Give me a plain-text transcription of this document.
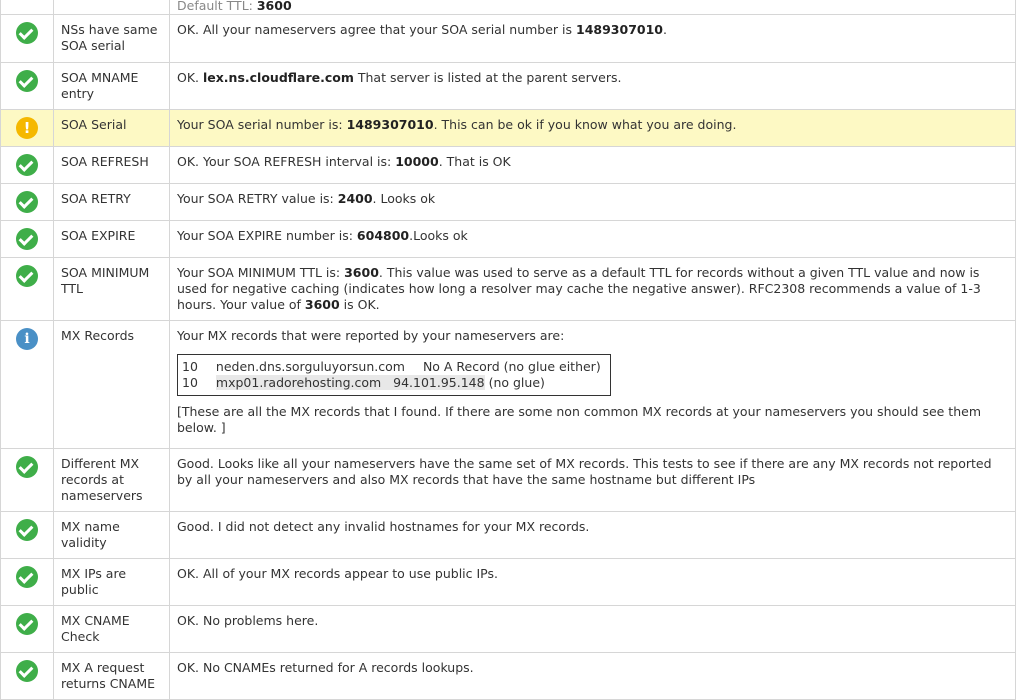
		Default TTL: 3600
	NSs have same SOA serial	OK. All your nameservers agree that your SOA serial number is 1489307010.
	SOA MNAME entry	OK. lex.ns.cloudflare.com That server is listed at the parent servers.
!	SOA Serial	Your SOA serial number is: 1489307010. This can be ok if you know what you are doing.
	SOA REFRESH	OK. Your SOA REFRESH interval is: 10000. That is OK
	SOA RETRY	Your SOA RETRY value is: 2400. Looks ok
	SOA EXPIRE	Your SOA EXPIRE number is: 604800.Looks ok
	SOA MINIMUM TTL	Your SOA MINIMUM TTL is: 3600. This value was used to serve as a default TTL for records without a given TTL value and now is used for negative caching (indicates how long a resolver may cache the negative answer). RFC2308 recommends a value of 1-3 hours. Your value of 3600 is OK.
i	MX Records	Your MX records that were reported by your nameservers are:
10 neden.dns.sorguluyorsun.com No A Record (no glue either)
10 mxp01.radorehosting.com 94.101.95.148 (no glue)
[These are all the MX records that I found. If there are some non common MX records at your nameservers you should see them below. ]

	Different MX records at nameservers	Good. Looks like all your nameservers have the same set of MX records. This tests to see if there are any MX records not reported by all your nameservers and also MX records that have the same hostname but different IPs
	MX name validity	Good. I did not detect any invalid hostnames for your MX records.
	MX IPs are public	OK. All of your MX records appear to use public IPs.
	MX CNAME Check	OK. No problems here.
	MX A request returns CNAME	OK. No CNAMEs returned for A records lookups.
